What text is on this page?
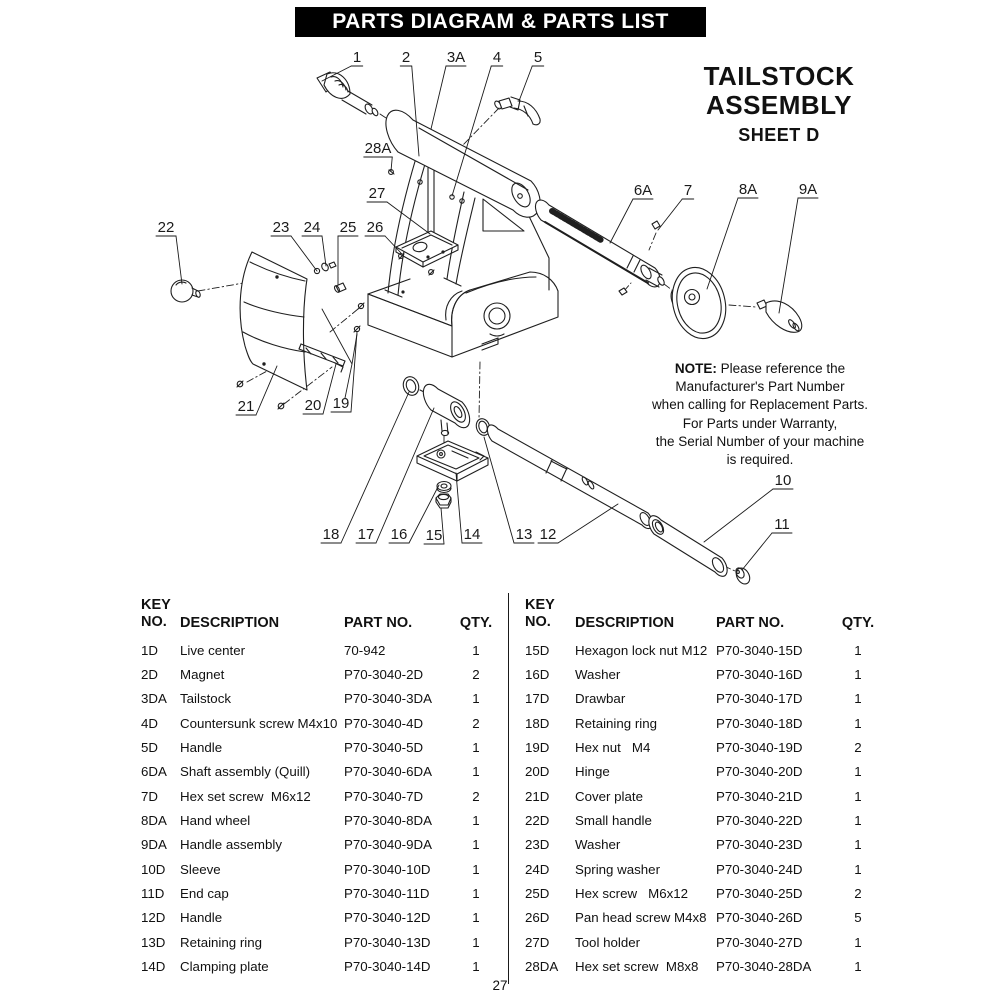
PARTS DIAGRAM & PARTS LIST
TAILSTOCK
ASSEMBLY
SHEET D
1	2 3A 4 5
28A
27	6A 7	8A	9A
22	23 24 25 26
21	20 19
18 17 16 15 14 13 12
10
11
NOTE: Please reference the
Manufacturer's Part Number
when calling for Replacement Parts.
For Parts under Warranty,
the Serial Number of your machine
is required.
KEY
NO. DESCRIPTION	PART NO.	QTY.
1D	Live center	70-942	1
2D	Magnet	P70-3040-2D	2
3DA Tailstock	P70-3040-3DA	1
4D	Countersunk screw M4x10 P70-3040-4D	2
5D	Handle	P70-3040-5D	1
6DA Shaft assembly (Quill)	P70-3040-6DA	1
7D	Hex set screw  M6x12	P70-3040-7D	2
8DA Hand wheel	P70-3040-8DA	1
9DA Handle assembly	P70-3040-9DA	1
10D	Sleeve	P70-3040-10D	1
11D	End cap	P70-3040-11D	1
12D	Handle	P70-3040-12D	1
13D	Retaining ring	P70-3040-13D	1
14D	Clamping plate	P70-3040-14D	1
KEY
NO. DESCRIPTION	PART NO.	QTY.
15D	Hexagon lock nut M12 P70-3040-15D	1
16D	Washer	P70-3040-16D	1
17D	Drawbar	P70-3040-17D	1
18D	Retaining ring	P70-3040-18D	1
19D	Hex nut   M4	P70-3040-19D	2
20D	Hinge	P70-3040-20D	1
21D	Cover plate	P70-3040-21D	1
22D	Small handle	P70-3040-22D	1
23D	Washer	P70-3040-23D	1
24D	Spring washer	P70-3040-24D	1
25D	Hex screw   M6x12	P70-3040-25D	2
26D	Pan head screw M4x8 P70-3040-26D	5
27D	Tool holder	P70-3040-27D	1
28DA	Hex set screw  M8x8	P70-3040-28DA	1
27
